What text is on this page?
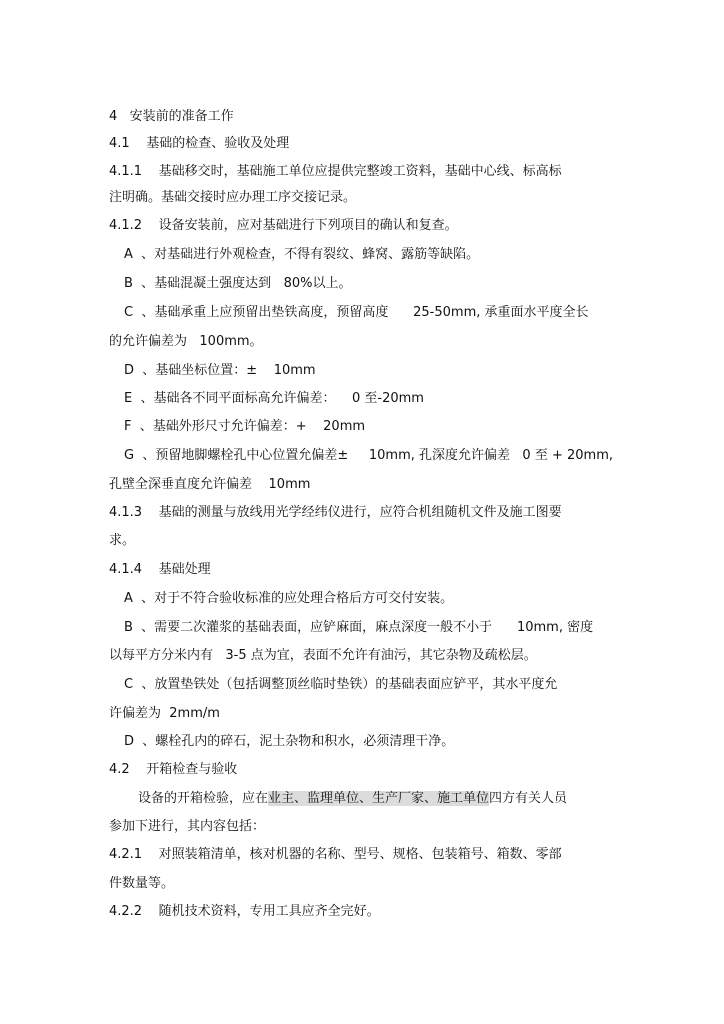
4   安装前的准备工作
4.1    基础的检查、验收及处理
4.1.1    基础移交时，基础施工单位应提供完整竣工资料，基础中心线、标高标
注明确。基础交接时应办理工序交接记录。
4.1.2    设备安装前，应对基础进行下列项目的确认和复查。
A  、对基础进行外观检查，不得有裂纹、蜂窝、露筋等缺陷。
B  、基础混凝土强度达到   80%以上。
C  、基础承重上应预留出垫铁高度，预留高度      25-50mm, 承重面水平度全长
的允许偏差为   100mm。
D  、基础坐标位置：±    10mm
E  、基础各不同平面标高允许偏差：    0 至-20mm
F  、基础外形尺寸允许偏差：+    20mm
G  、预留地脚螺栓孔中心位置允偏差±     10mm, 孔深度允许偏差   0 至 + 20mm,
孔壁全深垂直度允许偏差    10mm
4.1.3    基础的测量与放线用光学经纬仪进行，应符合机组随机文件及施工图要
求。
4.1.4    基础处理
A  、对于不符合验收标准的应处理合格后方可交付安装。
B  、需要二次灌浆的基础表面，应铲麻面，麻点深度一般不小于      10mm, 密度
以每平方分米内有   3-5 点为宜，表面不允许有油污，其它杂物及疏松层。
C  、放置垫铁处（包括调整顶丝临时垫铁）的基础表面应铲平，其水平度允
许偏差为  2mm/m
D  、螺栓孔内的碎石，泥土杂物和积水，必须清理干净。
4.2    开箱检查与验收
设备的开箱检验，应在业主、监理单位、生产厂家、施工单位四方有关人员
参加下进行，其内容包括：
4.2.1    对照装箱清单，核对机器的名称、型号、规格、包装箱号、箱数、零部
件数量等。
4.2.2    随机技术资料，专用工具应齐全完好。
